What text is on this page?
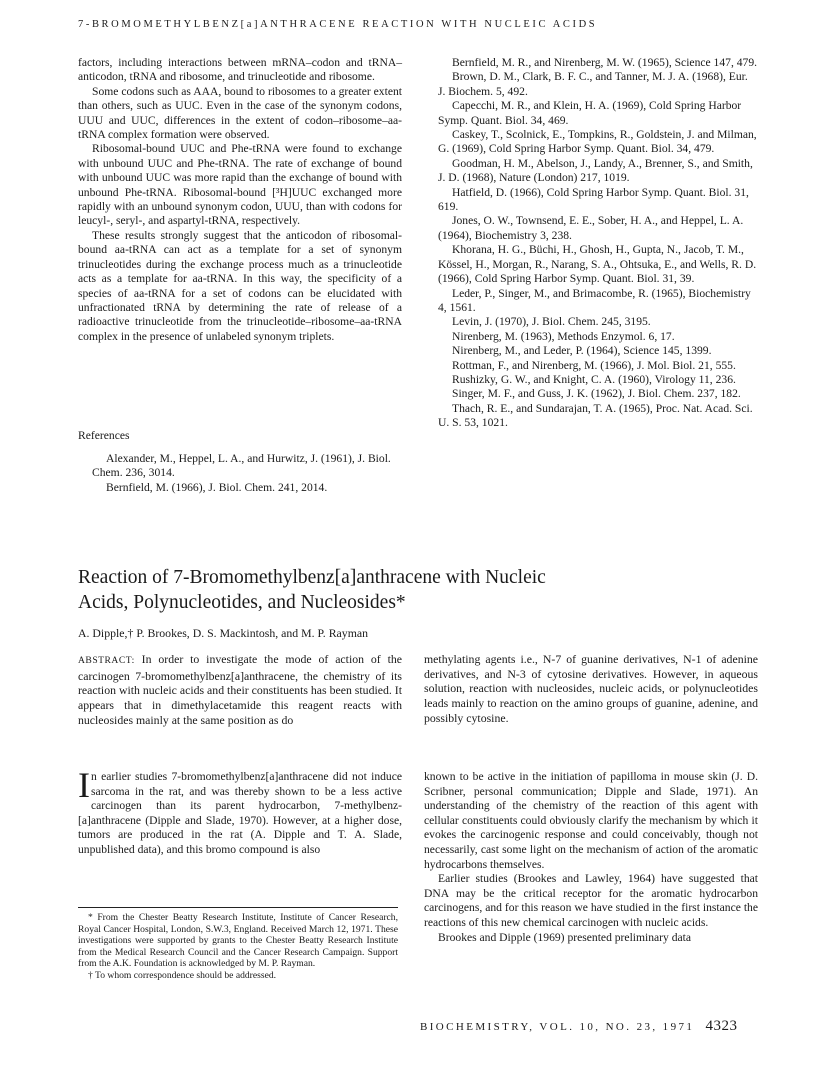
7-BROMOMETHYLBENZ[a]ANTHRACENE REACTION WITH NUCLEIC ACIDS

factors, including interactions between mRNA–codon and tRNA–anticodon, tRNA and ribosome, and trinucleotide and ribosome.

Some codons such as AAA, bound to ribosomes to a greater extent than others, such as UUC. Even in the case of the synonym codons, UUU and UUC, differences in the extent of codon–ribosome–aa-tRNA complex formation were observed.

Ribosomal-bound UUC and Phe-tRNA were found to exchange with unbound UUC and Phe-tRNA. The rate of exchange of bound with unbound UUC was more rapid than the exchange of bound with unbound Phe-tRNA. Ribosomal-bound [³H]UUC exchanged more rapidly with an unbound synonym codon, UUU, than with codons for leucyl-, seryl-, and aspartyl-tRNA, respectively.

These results strongly suggest that the anticodon of ribosomal-bound aa-tRNA can act as a template for a set of synonym trinucleotides during the exchange process much as a trinucleotide acts as a template for aa-tRNA. In this way, the specificity of a species of aa-tRNA for a set of codons can be elucidated with unfractionated tRNA by determining the rate of release of a radioactive trinucleotide from the trinucleotide–ribosome–aa-tRNA complex in the presence of unlabeled synonym triplets.

References

Alexander, M., Heppel, L. A., and Hurwitz, J. (1961), J. Biol. Chem. 236, 3014.

Bernfield, M. (1966), J. Biol. Chem. 241, 2014.

Bernfield, M. R., and Nirenberg, M. W. (1965), Science 147, 479.

Brown, D. M., Clark, B. F. C., and Tanner, M. J. A. (1968), Eur. J. Biochem. 5, 492.

Capecchi, M. R., and Klein, H. A. (1969), Cold Spring Harbor Symp. Quant. Biol. 34, 469.

Caskey, T., Scolnick, E., Tompkins, R., Goldstein, J. and Milman, G. (1969), Cold Spring Harbor Symp. Quant. Biol. 34, 479.

Goodman, H. M., Abelson, J., Landy, A., Brenner, S., and Smith, J. D. (1968), Nature (London) 217, 1019.

Hatfield, D. (1966), Cold Spring Harbor Symp. Quant. Biol. 31, 619.

Jones, O. W., Townsend, E. E., Sober, H. A., and Heppel, L. A. (1964), Biochemistry 3, 238.

Khorana, H. G., Büchi, H., Ghosh, H., Gupta, N., Jacob, T. M., Kössel, H., Morgan, R., Narang, S. A., Ohtsuka, E., and Wells, R. D. (1966), Cold Spring Harbor Symp. Quant. Biol. 31, 39.

Leder, P., Singer, M., and Brimacombe, R. (1965), Biochemistry 4, 1561.

Levin, J. (1970), J. Biol. Chem. 245, 3195.

Nirenberg, M. (1963), Methods Enzymol. 6, 17.

Nirenberg, M., and Leder, P. (1964), Science 145, 1399.

Rottman, F., and Nirenberg, M. (1966), J. Mol. Biol. 21, 555.

Rushizky, G. W., and Knight, C. A. (1960), Virology 11, 236.

Singer, M. F., and Guss, J. K. (1962), J. Biol. Chem. 237, 182.

Thach, R. E., and Sundarajan, T. A. (1965), Proc. Nat. Acad. Sci. U. S. 53, 1021.

Reaction of 7-Bromomethylbenz[a]anthracene with Nucleic
Acids, Polynucleotides, and Nucleosides*
A. Dipple,† P. Brookes, D. S. Mackintosh, and M. P. Rayman
ABSTRACT: In order to investigate the mode of action of the carcinogen 7-bromomethylbenz[a]anthracene, the chemistry of its reaction with nucleic acids and their constituents has been studied. It appears that in dimethylacetamide this reagent reacts with nucleosides mainly at the same position as do
methylating agents i.e., N-7 of guanine derivatives, N-1 of adenine derivatives, and N-3 of cytosine derivatives. However, in aqueous solution, reaction with nucleosides, nucleic acids, or polynucleotides leads mainly to reaction on the amino groups of guanine, adenine, and possibly cytosine.

In earlier studies 7-bromomethylbenz[a]anthracene did not induce sarcoma in the rat, and was thereby shown to be a less active carcinogen than its parent hydrocarbon, 7-methylbenz-[a]anthracene (Dipple and Slade, 1970). However, at a higher dose, tumors are produced in the rat (A. Dipple and T. A. Slade, unpublished data), and this bromo compound is also

known to be active in the initiation of papilloma in mouse skin (J. D. Scribner, personal communication; Dipple and Slade, 1971). An understanding of the chemistry of the reaction of this agent with cellular constituents could obviously clarify the mechanism by which it evokes the carcinogenic response and could conceivably, though not necessarily, cast some light on the mechanism of action of the aromatic hydrocarbons themselves.

Earlier studies (Brookes and Lawley, 1964) have suggested that DNA may be the critical receptor for the aromatic hydrocarbon carcinogens, and for this reason we have studied in the first instance the reactions of this new chemical carcinogen with nucleic acids.

Brookes and Dipple (1969) presented preliminary data

* From the Chester Beatty Research Institute, Institute of Cancer Research, Royal Cancer Hospital, London, S.W.3, England. Received March 12, 1971. These investigations were supported by grants to the Chester Beatty Research Institute from the Medical Research Council and the Cancer Research Campaign. Support from the A.K. Foundation is acknowledged by M. P. Rayman.

† To whom correspondence should be addressed.

BIOCHEMISTRY, VOL. 10, NO. 23, 1971 4323
